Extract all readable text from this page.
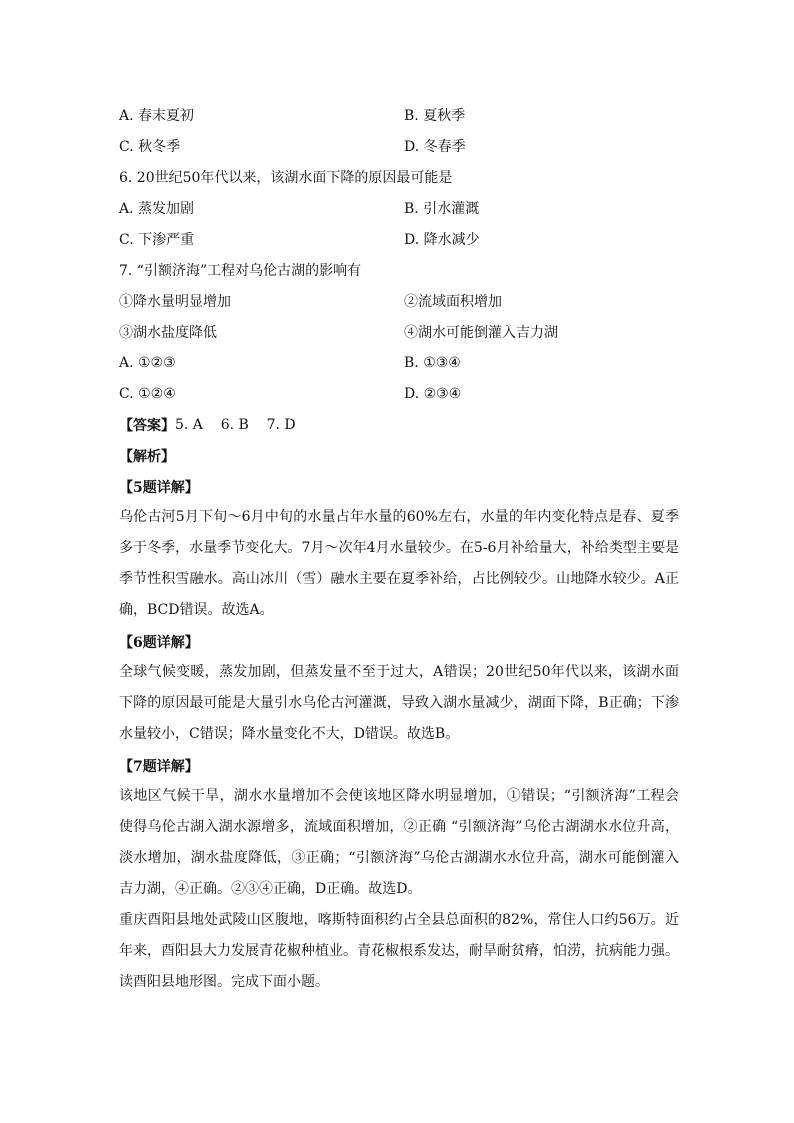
A. 春末夏初	B. 夏秋季
C. 秋冬季	D. 冬春季
6. 20世纪50年代以来，该湖水面下降的原因最可能是
A. 蒸发加剧	B. 引水灌溉
C. 下渗严重	D. 降水减少
7. “引额济海”工程对乌伦古湖的影响有
①降水量明显增加	②流域面积增加
③湖水盐度降低	④湖水可能倒灌入吉力湖
A. ①②③	B. ①③④
C. ①②④	D. ②③④
【答案】 5. A    6. B    7. D
【解析】
【5题详解】

乌伦古河5月下旬～6月中旬的水量占年水量的60%左右，水量的年内变化特点是春、夏季多于冬季，水量季节变化大。7月～次年4月水量较少。在5-6月补给量大，补给类型主要是季节性积雪融水。高山冰川（雪）融水主要在夏季补给，占比例较少。山地降水较少。A正确，BCD错误。故选A。

【6题详解】

全球气候变暖，蒸发加剧，但蒸发量不至于过大，A错误；20世纪50年代以来，该湖水面下降的原因最可能是大量引水乌伦古河灌溉，导致入湖水量减少，湖面下降，B正确；下渗水量较小，C错误；降水量变化不大，D错误。故选B。

【7题详解】

该地区气候干旱，湖水水量增加不会使该地区降水明显增加，①错误；“引额济海”工程会使得乌伦古湖入湖水源增多，流域面积增加，②正确 “引额济海”乌伦古湖湖水水位升高，淡水增加，湖水盐度降低，③正确；“引额济海”乌伦古湖湖水水位升高，湖水可能倒灌入吉力湖，④正确。②③④正确，D正确。故选D。

重庆酉阳县地处武陵山区腹地，喀斯特面积约占全县总面积的82%，常住人口约56万。近年来，酉阳县大力发展青花椒种植业。青花椒根系发达，耐旱耐贫瘠，怕涝，抗病能力强。读酉阳县地形图。完成下面小题。
